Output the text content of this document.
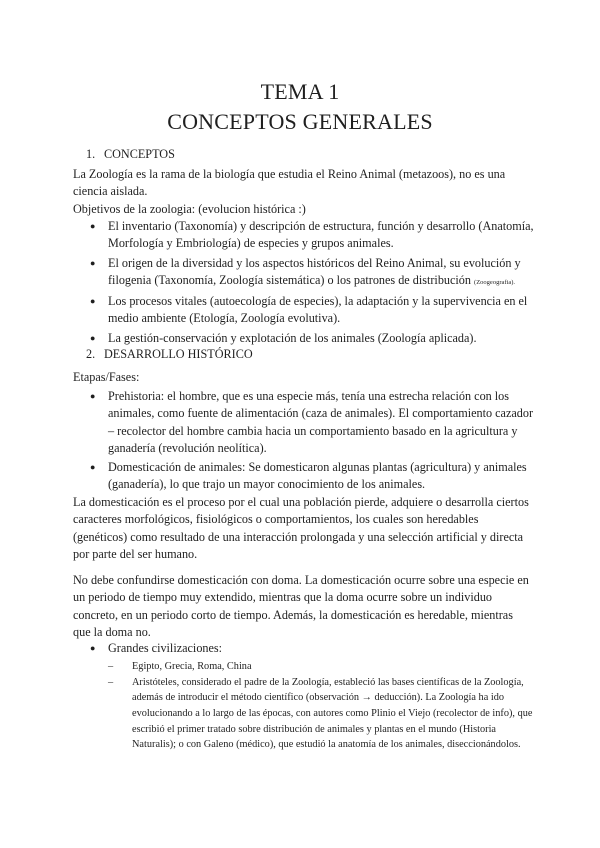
TEMA 1
CONCEPTOS GENERALES
1. CONCEPTOS

La Zoología es la rama de la biología que estudia el Reino Animal (metazoos), no es una ciencia aislada.

Objetivos de la zoologia: (evolucion histórica :)

● El inventario (Taxonomía) y descripción de estructura, función y desarrollo (Anatomía, Morfología y Embriología) de especies y grupos animales.
● El origen de la diversidad y los aspectos históricos del Reino Animal, su evolución y filogenia (Taxonomía, Zoología sistemática) o los patrones de distribución (Zoogeografia).
● Los procesos vitales (autoecología de especies), la adaptación y la supervivencia en el medio ambiente (Etología, Zoología evolutiva).
● La gestión-conservación y explotación de los animales (Zoología aplicada).
2. DESARROLLO HISTÓRICO

Etapas/Fases:

● Prehistoria: el hombre, que es una especie más, tenía una estrecha relación con los animales, como fuente de alimentación (caza de animales). El comportamiento cazador – recolector del hombre cambia hacia un comportamiento basado en la agricultura y ganadería (revolución neolítica).
● Domesticación de animales: Se domesticaron algunas plantas (agricultura) y animales (ganadería), lo que trajo un mayor conocimiento de los animales.

La domesticación es el proceso por el cual una población pierde, adquiere o desarrolla ciertos caracteres morfológicos, fisiológicos o comportamientos, los cuales son heredables (genéticos) como resultado de una interacción prolongada y una selección artificial y directa por parte del ser humano.

No debe confundirse domesticación con doma. La domesticación ocurre sobre una especie en un periodo de tiempo muy extendido, mientras que la doma ocurre sobre un individuo concreto, en un periodo corto de tiempo. Además, la domesticación es heredable, mientras que la doma no.

● Grandes civilizaciones:
– Egipto, Grecia, Roma, China
– Aristóteles, considerado el padre de la Zoología, estableció las bases científicas de la Zoología, además de introducir el método científico (observación → deducción). La Zoología ha ido evolucionando a lo largo de las épocas, con autores como Plinio el Viejo (recolector de info), que escribió el primer tratado sobre distribución de animales y plantas en el mundo (Historia Naturalis); o con Galeno (médico), que estudió la anatomía de los animales, diseccionándolos.
